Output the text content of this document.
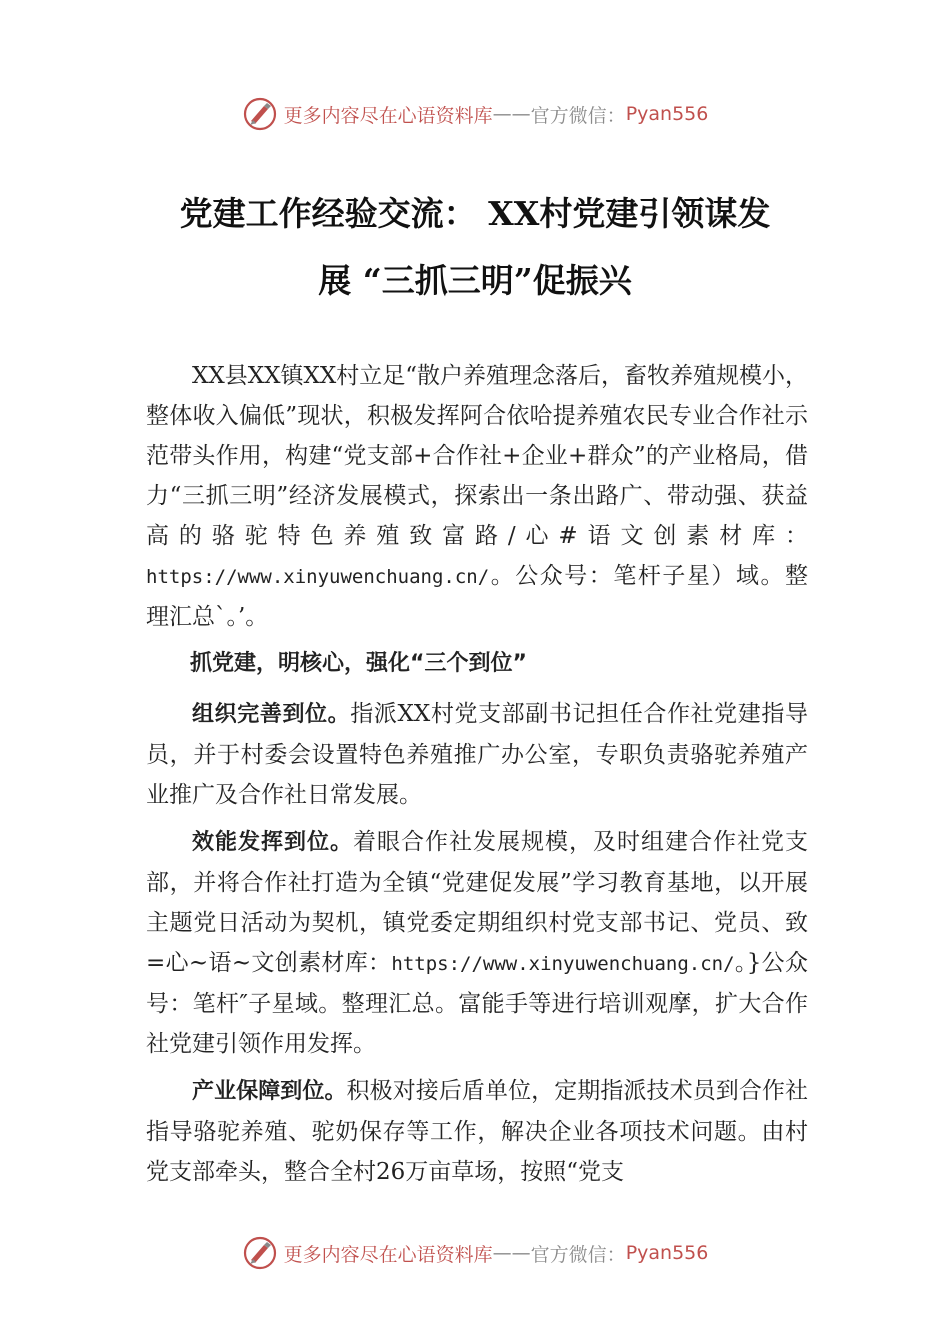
更多内容尽在心语资料库 —— 官方微信： Pyan556
党建工作经验交流： XX村党建引领谋发
展 “三抓三明”促振兴

XX县XX镇XX村立足“散户养殖理念落后，畜牧养殖规模小，整体收入偏低”现状，积极发挥阿合依哈提养殖农民专业合作社示范带头作用，构建“党支部+合作社+企业+群众”的产业格局，借力“三抓三明”经济发展模式，探索出一条出路广、带动强、获益高的骆驼特色养殖致富路/心#语文创素材库：https://www.xinyuwenchuang.cn/。公众号：笔杆子星）域。整理汇总`。’。

抓党建，明核心，强化“三个到位”

组织完善到位。指派XX村党支部副书记担任合作社党建指导员，并于村委会设置特色养殖推广办公室，专职负责骆驼养殖产业推广及合作社日常发展。

效能发挥到位。着眼合作社发展规模，及时组建合作社党支部，并将合作社打造为全镇“党建促发展”学习教育基地，以开展主题党日活动为契机，镇党委定期组织村党支部书记、党员、致=心~语~文创素材库：https://www.xinyuwenchuang.cn/。}公众号：笔杆″子星域。整理汇总。富能手等进行培训观摩，扩大合作社党建引领作用发挥。

产业保障到位。积极对接后盾单位，定期指派技术员到合作社指导骆驼养殖、驼奶保存等工作，解决企业各项技术问题。由村党支部牵头，整合全村26万亩草场，按照“党支

更多内容尽在心语资料库 —— 官方微信： Pyan556
